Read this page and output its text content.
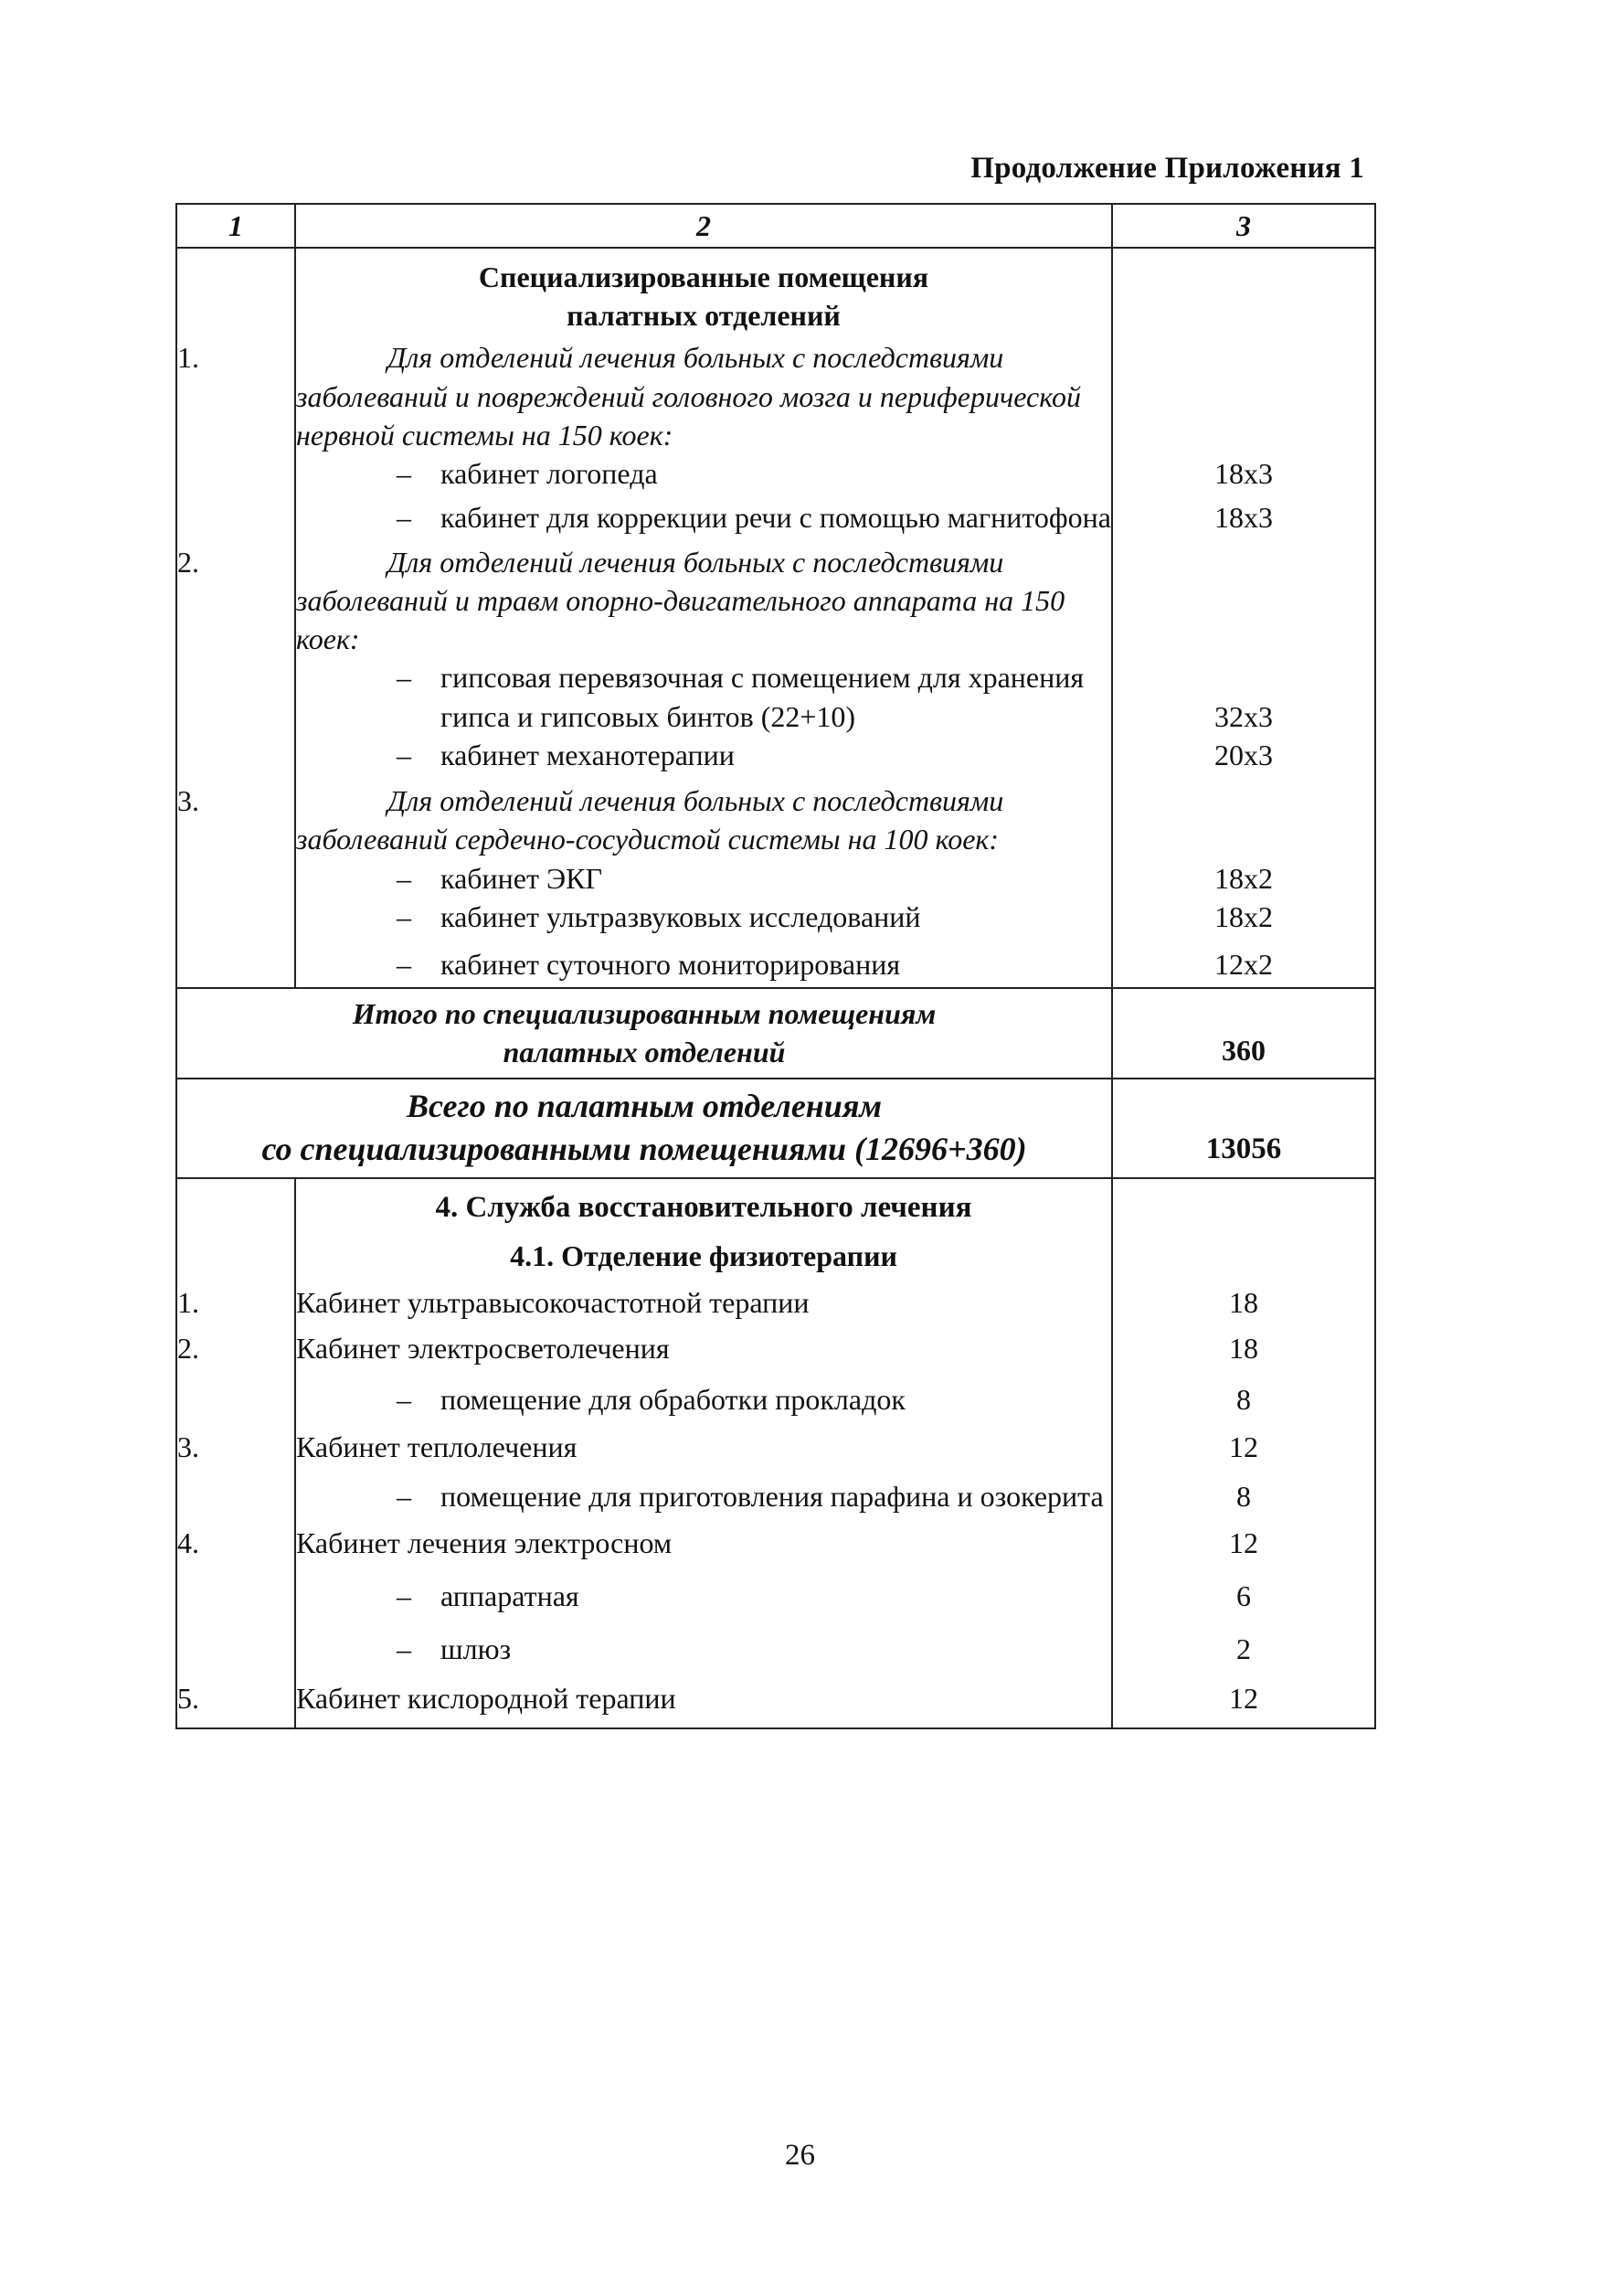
Продолжение Приложения 1
1	2	3

	Специализированные помещения
палатных отделений	

1.	Для отделений лечения больных с последствиями заболеваний и повреждений головного мозга и периферической нервной системы на 150 коек:	

	– кабинет логопеда	18x3

	– кабинет для коррекции речи с помощью магнитофона	18x3
2.	Для отделений лечения больных с последствиями заболеваний и травм опорно-двигательного аппарата на 150 коек:	

	– гипсовая перевязочная с помещением для хранения гипса и гипсовых бинтов (22+10)	32x3

	– кабинет механотерапии	20x3
3.	Для отделений лечения больных с последствиями заболеваний сердечно-сосудистой системы на 100 коек:	

	– кабинет ЭКГ	18x2

	– кабинет ультразвуковых исследований	18x2

	– кабинет суточного мониторирования	12x2

Итого по специализированным помещениям
палатных отделений		360

Всего по палатным отделениям
со специализированными помещениями (12696+360)		13056

	4. Служба восстановительного лечения	

	4.1. Отделение физиотерапии	

1.	Кабинет ультравысокочастотной терапии	18
2.	Кабинет электросветолечения	18

	– помещение для обработки прокладок	8
3.	Кабинет теплолечения	12

	– помещение для приготовления парафина и озокерита	8
4.	Кабинет лечения электросном	12

	– аппаратная	6

	– шлюз	2
5.	Кабинет кислородной терапии	12
26
